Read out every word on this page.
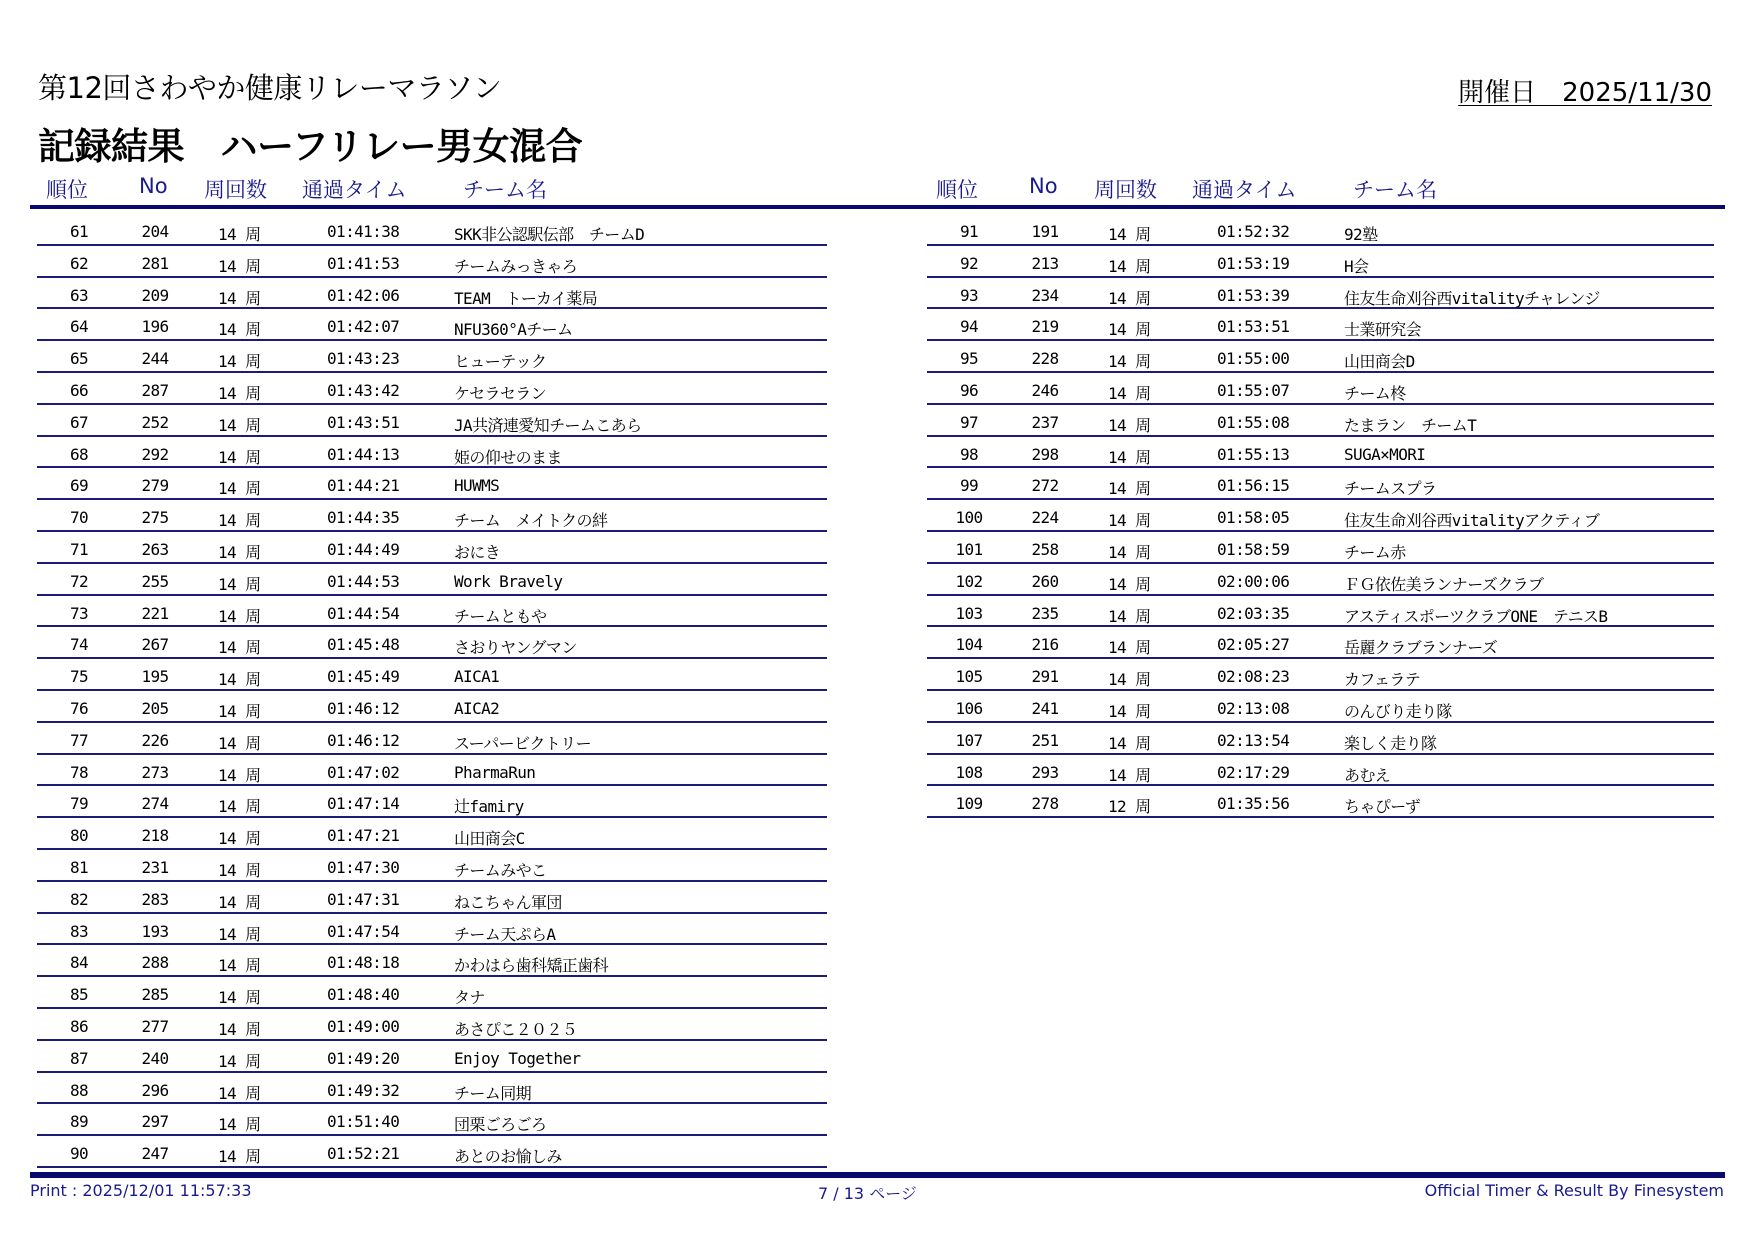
第12回さわやか健康リレーマラソン	開催日　2025/11/30
記録結果　ハーフリレー男女混合
順位 No 周回数 通過タイム	チーム名	順位 No 周回数 通過タイム	チーム名
61	204	14 周	01:41:38	SKK非公認駅伝部　チームD
62	281	14 周	01:41:53	チームみっきゃろ
63	209	14 周	01:42:06	TEAM　トーカイ薬局
64	196	14 周	01:42:07	NFU360°Aチーム
65	244	14 周	01:43:23	ヒューテック
66	287	14 周	01:43:42	ケセラセラン
67	252	14 周	01:43:51	JA共済連愛知チームこあら
68	292	14 周	01:44:13	姫の仰せのまま
69	279	14 周	01:44:21	HUWMS
70	275	14 周	01:44:35	チーム　メイトクの絆
71	263	14 周	01:44:49	おにき
72	255	14 周	01:44:53	Work Bravely
73	221	14 周	01:44:54	チームともや
74	267	14 周	01:45:48	さおりヤングマン
75	195	14 周	01:45:49	AICA1
76	205	14 周	01:46:12	AICA2
77	226	14 周	01:46:12	スーパービクトリー
78	273	14 周	01:47:02	PharmaRun
79	274	14 周	01:47:14	辻famiry
80	218	14 周	01:47:21	山田商会C
81	231	14 周	01:47:30	チームみやこ
82	283	14 周	01:47:31	ねこちゃん軍団
83	193	14 周	01:47:54	チーム天ぷらA
84	288	14 周	01:48:18	かわはら歯科矯正歯科
85	285	14 周	01:48:40	タナ
86	277	14 周	01:49:00	あさぴこ２０２５
87	240	14 周	01:49:20	Enjoy Together
88	296	14 周	01:49:32	チーム同期
89	297	14 周	01:51:40	団栗ごろごろ
90	247	14 周	01:52:21	あとのお愉しみ
91	191	14 周	01:52:32	92塾
92	213	14 周	01:53:19	H会
93	234	14 周	01:53:39	住友生命刈谷西vitalityチャレンジ
94	219	14 周	01:53:51	士業研究会
95	228	14 周	01:55:00	山田商会D
96	246	14 周	01:55:07	チーム柊
97	237	14 周	01:55:08	たまラン　チームT
98	298	14 周	01:55:13	SUGA×MORI
99	272	14 周	01:56:15	チームスプラ
100	224	14 周	01:58:05	住友生命刈谷西vitalityアクティブ
101	258	14 周	01:58:59	チーム赤
102	260	14 周	02:00:06	ＦＧ依佐美ランナーズクラブ
103	235	14 周	02:03:35	アスティスポーツクラブONE　テニスB
104	216	14 周	02:05:27	岳麗クラブランナーズ
105	291	14 周	02:08:23	カフェラテ
106	241	14 周	02:13:08	のんびり走り隊
107	251	14 周	02:13:54	楽しく走り隊
108	293	14 周	02:17:29	あむえ
109	278	12 周	01:35:56	ちゃぴーず
Print : 2025/12/01 11:57:33	7 / 13 ページ	Official Timer & Result By Finesystem
